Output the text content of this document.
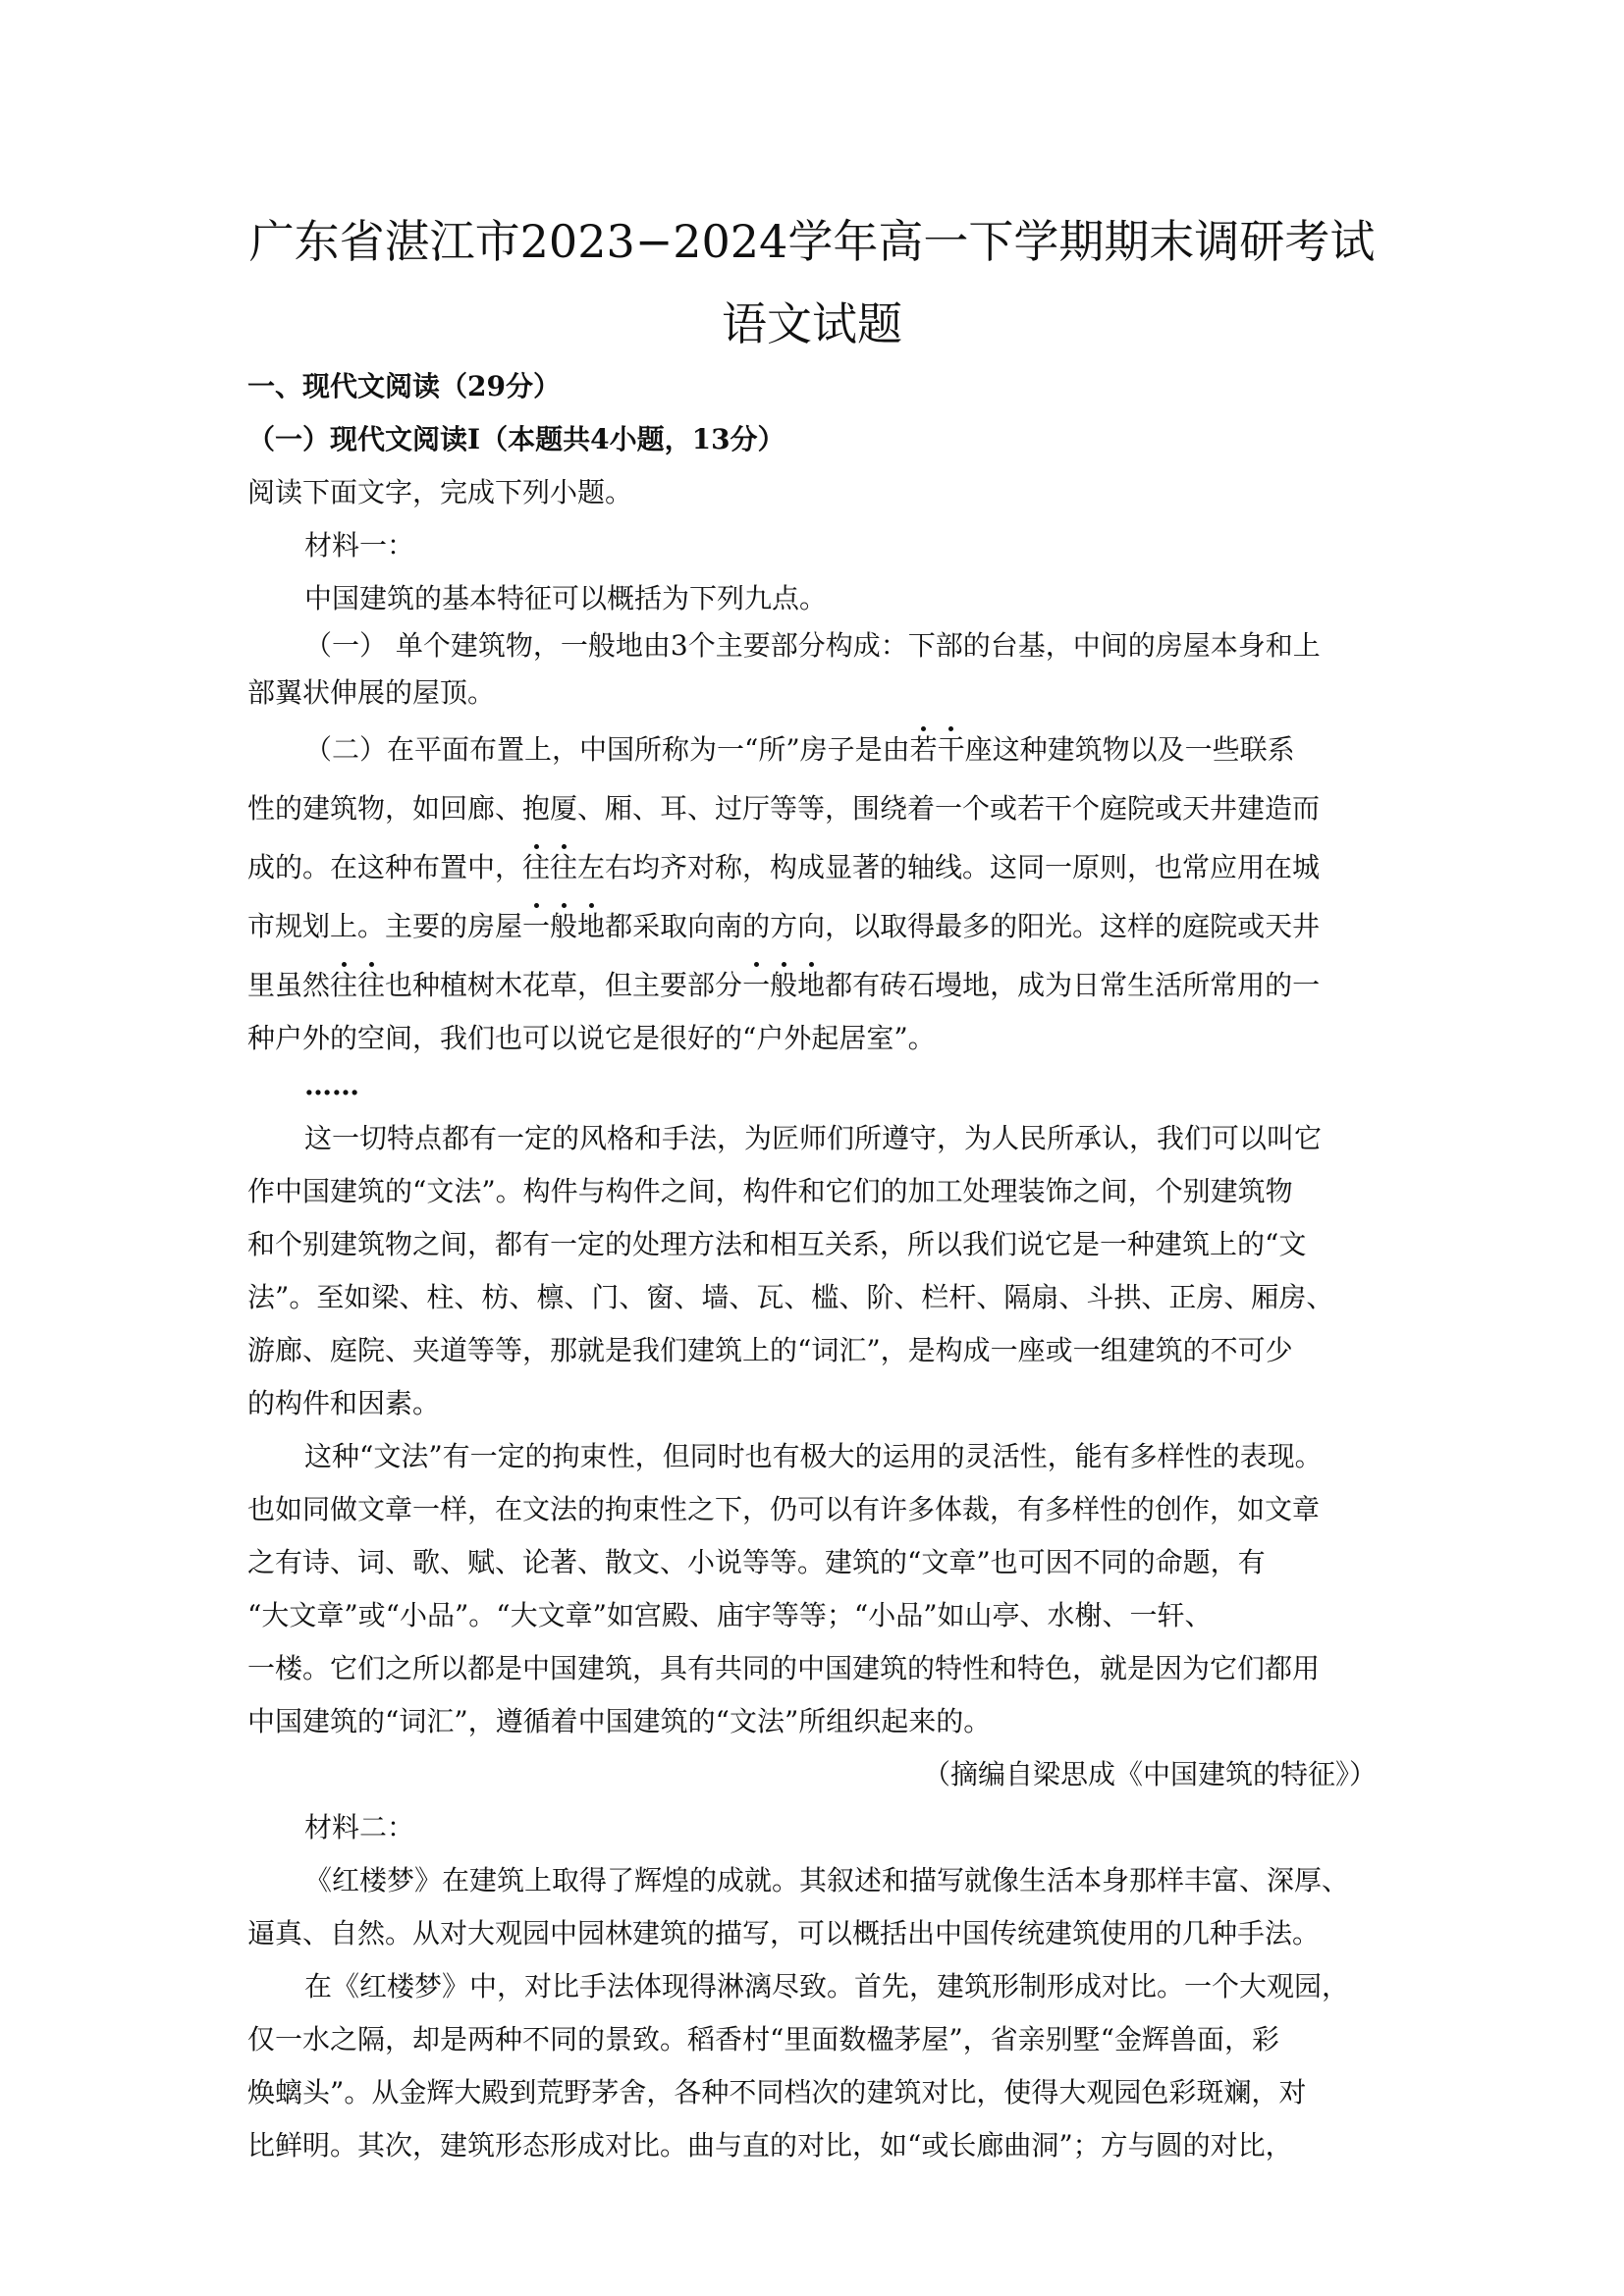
广东省湛江市2023−2024学年高一下学期期末调研考试
语文试题
一、现代文阅读（29分）
（一）现代文阅读Ⅰ（本题共4小题，13分）
阅读下面文字，完成下列小题。
材料一：
中国建筑的基本特征可以概括为下列九点。
（一） 单个建筑物，一般地由3个主要部分构成：下部的台基，中间的房屋本身和上
部翼状伸展的屋顶。
（二）在平面布置上，中国所称为一“所”房子是由若干座这种建筑物以及一些联系
性的建筑物，如回廊、抱厦、厢、耳、过厅等等，围绕着一个或若干个庭院或天井建造而
成的。在这种布置中，往往左右均齐对称，构成显著的轴线。这同一原则，也常应用在城
市规划上。主要的房屋一般地都采取向南的方向，以取得最多的阳光。这样的庭院或天井
里虽然往往也种植树木花草，但主要部分一般地都有砖石墁地，成为日常生活所常用的一
种户外的空间，我们也可以说它是很好的“户外起居室”。
……
这一切特点都有一定的风格和手法，为匠师们所遵守，为人民所承认，我们可以叫它
作中国建筑的“文法”。构件与构件之间，构件和它们的加工处理装饰之间，个别建筑物
和个别建筑物之间，都有一定的处理方法和相互关系，所以我们说它是一种建筑上的“文
法”。至如梁、柱、枋、檩、门、窗、墙、瓦、槛、阶、栏杆、隔扇、斗拱、正房、厢房、
游廊、庭院、夹道等等，那就是我们建筑上的“词汇”，是构成一座或一组建筑的不可少
的构件和因素。
这种“文法”有一定的拘束性，但同时也有极大的运用的灵活性，能有多样性的表现。
也如同做文章一样，在文法的拘束性之下，仍可以有许多体裁，有多样性的创作，如文章
之有诗、词、歌、赋、论著、散文、小说等等。建筑的“文章”也可因不同的命题，有
“大文章”或“小品”。“大文章”如宫殿、庙宇等等；“小品”如山亭、水榭、一轩、
一楼。它们之所以都是中国建筑，具有共同的中国建筑的特性和特色，就是因为它们都用
中国建筑的“词汇”，遵循着中国建筑的“文法”所组织起来的。
（摘编自梁思成《中国建筑的特征》）
材料二：
《红楼梦》在建筑上取得了辉煌的成就。其叙述和描写就像生活本身那样丰富、深厚、
逼真、自然。从对大观园中园林建筑的描写，可以概括出中国传统建筑使用的几种手法。
在《红楼梦》中，对比手法体现得淋漓尽致。首先，建筑形制形成对比。一个大观园，
仅一水之隔，却是两种不同的景致。稻香村“里面数楹茅屋”，省亲别墅“金辉兽面，彩
焕螭头”。从金辉大殿到荒野茅舍，各种不同档次的建筑对比，使得大观园色彩斑斓，对
比鲜明。其次，建筑形态形成对比。曲与直的对比，如“或长廊曲洞”；方与圆的对比，
